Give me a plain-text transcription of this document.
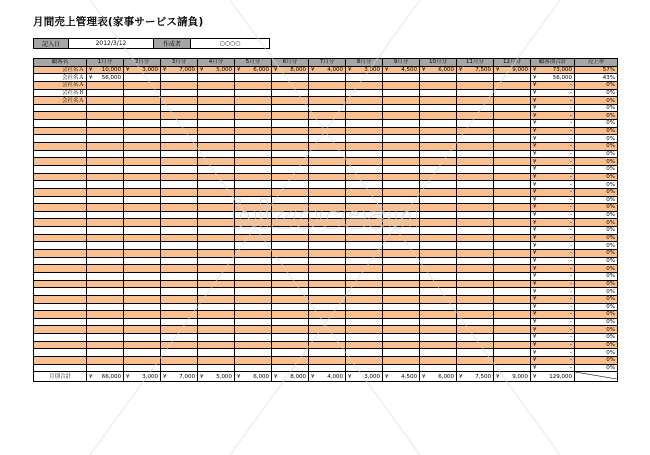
月間売上管理表(家事サービス請負)
記入日	2012/3/12	作成者	○○○○
顧客名	1月分	2月分	3月分	4月分	5月分	6月分	7月分	8月分	9月分	10月分	11月分	12月分	顧客別合計	売上率
会社名Ａ	¥ 10,000	¥ 3,000	¥ 7,000	¥ 5,000	¥ 6,000	¥ 8,000	¥ 4,000	¥ 3,000	¥ 4,500	¥ 6,000	¥ 7,500	¥ 9,000	¥ 73,000	57%
会社名Ａ	¥ 56,000												¥ 56,000	43%
会社名Ａ													¥ -	0%
会社名Ｂ													¥ -	0%
会社名Ａ													¥ -	0%

													¥ -	0%

													¥ -	0%

													¥ -	0%

													¥ -	0%

													¥ -	0%

													¥ -	0%

													¥ -	0%

													¥ -	0%

													¥ -	0%

													¥ -	0%

													¥ -	0%

													¥ -	0%

													¥ -	0%

													¥ -	0%

													¥ -	0%

													¥ -	0%

													¥ -	0%

													¥ -	0%

													¥ -	0%

													¥ -	0%

													¥ -	0%

													¥ -	0%

													¥ -	0%

													¥ -	0%

													¥ -	0%

													¥ -	0%

													¥ -	0%

													¥ -	0%

													¥ -	0%

													¥ -	0%

													¥ -	0%

													¥ -	0%

													¥ -	0%

													¥ -	0%

													¥ -	0%
月別合計	¥ 66,000	¥ 3,000	¥ 7,000	¥ 5,000	¥ 6,000	¥ 8,000	¥ 4,000	¥ 3,000	¥ 4,500	¥ 6,000	¥ 7,500	¥ 9,000	¥ 129,000	
bizocean
